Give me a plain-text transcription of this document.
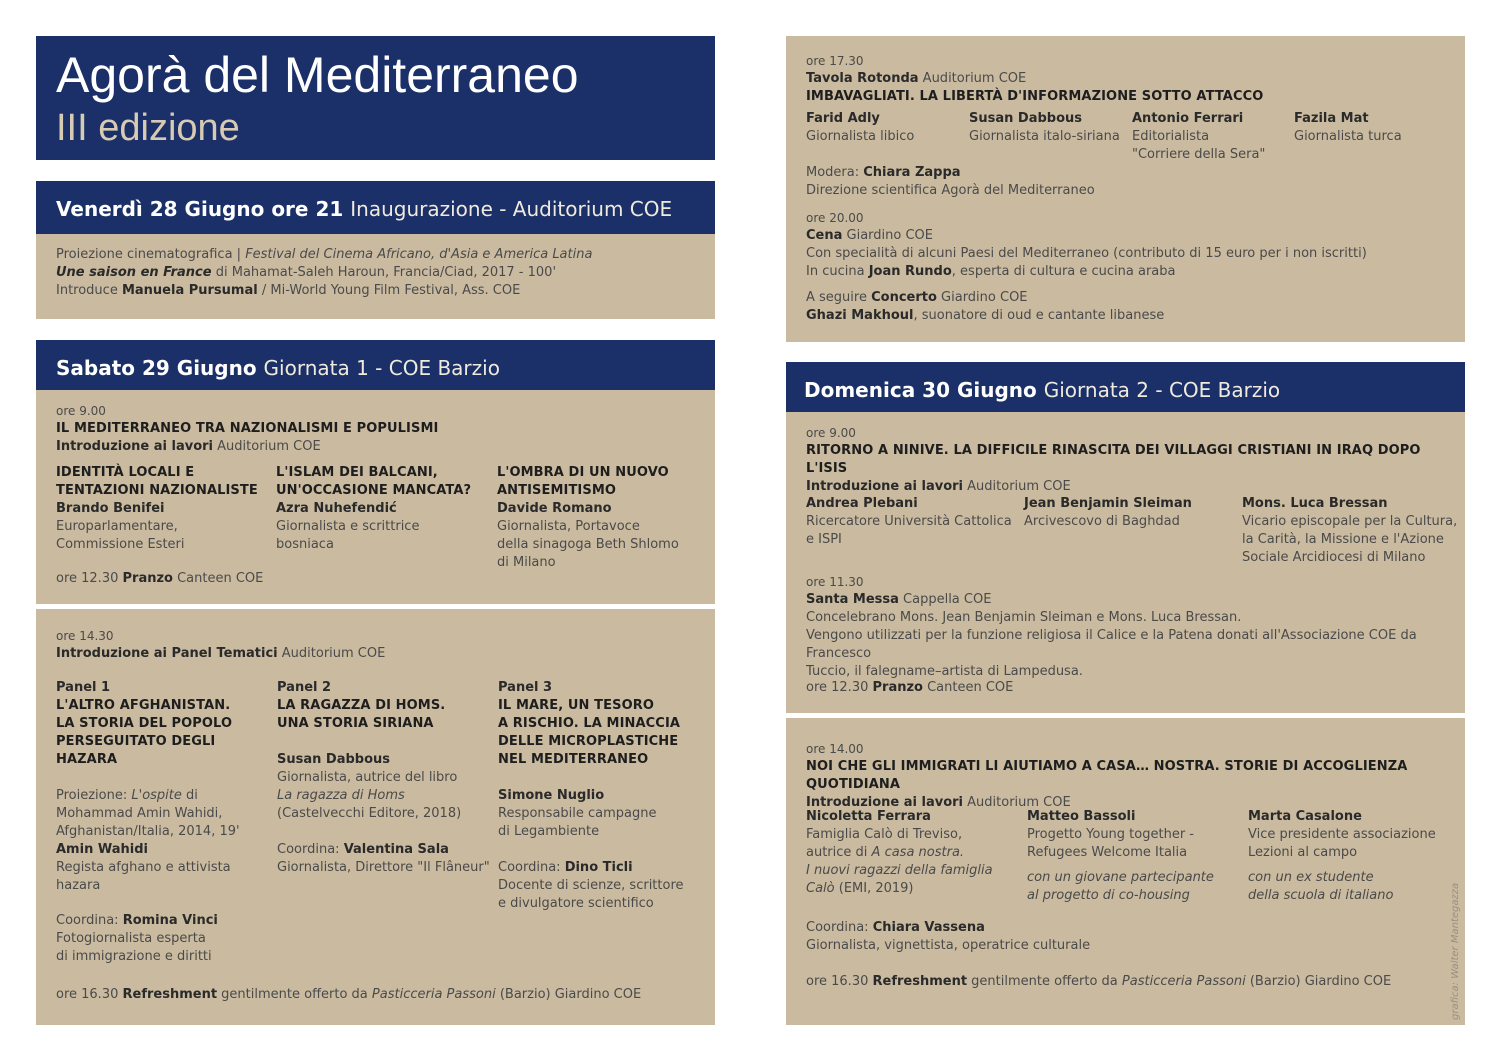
Agorà del Mediterraneo
III edizione
Venerdì 28 Giugno ore 21 Inaugurazione - Auditorium COE
Proiezione cinematografica | Festival del Cinema Africano, d'Asia e America Latina
Une saison en France di Mahamat-Saleh Haroun, Francia/Ciad, 2017 - 100'
Introduce Manuela Pursumal / Mi-World Young Film Festival, Ass. COE
Sabato 29 Giugno Giornata 1 - COE Barzio
ore 9.00
IL MEDITERRANEO TRA NAZIONALISMI E POPULISMI
Introduzione ai lavori Auditorium COE
IDENTITÀ LOCALI E
TENTAZIONI NAZIONALISTE
Brando Benifei
Europarlamentare,
Commissione Esteri
L'ISLAM DEI BALCANI,
UN'OCCASIONE MANCATA?
Azra Nuhefendić
Giornalista e scrittrice
bosniaca
L'OMBRA DI UN NUOVO
ANTISEMITISMO
Davide Romano
Giornalista, Portavoce
della sinagoga Beth Shlomo
di Milano
ore 12.30 Pranzo Canteen COE
ore 14.30
Introduzione ai Panel Tematici Auditorium COE
Panel 1
L'ALTRO AFGHANISTAN.
LA STORIA DEL POPOLO
PERSEGUITATO DEGLI
HAZARA
Proiezione: L'ospite di
Mohammad Amin Wahidi,
Afghanistan/Italia, 2014, 19'
Amin Wahidi
Regista afghano e attivista
hazara
Coordina: Romina Vinci
Fotogiornalista esperta
di immigrazione e diritti
Panel 2
LA RAGAZZA DI HOMS.
UNA STORIA SIRIANA
Susan Dabbous
Giornalista, autrice del libro
La ragazza di Homs
(Castelvecchi Editore, 2018)
Coordina: Valentina Sala
Giornalista, Direttore "Il Flâneur"
Panel 3
IL MARE, UN TESORO
A RISCHIO. LA MINACCIA
DELLE MICROPLASTICHE
NEL MEDITERRANEO
Simone Nuglio
Responsabile campagne
di Legambiente
Coordina: Dino Ticli
Docente di scienze, scrittore
e divulgatore scientifico
ore 16.30 Refreshment gentilmente offerto da Pasticceria Passoni (Barzio) Giardino COE
ore 17.30
Tavola Rotonda Auditorium COE
IMBAVAGLIATI. LA LIBERTÀ D'INFORMAZIONE SOTTO ATTACCO
Farid Adly
Giornalista libico
Susan Dabbous
Giornalista italo-siriana
Antonio Ferrari
Editorialista
"Corriere della Sera"
Fazila Mat
Giornalista turca
Modera: Chiara Zappa
Direzione scientifica Agorà del Mediterraneo
ore 20.00
Cena Giardino COE
Con specialità di alcuni Paesi del Mediterraneo (contributo di 15 euro per i non iscritti)
In cucina Joan Rundo, esperta di cultura e cucina araba
A seguire Concerto Giardino COE
Ghazi Makhoul, suonatore di oud e cantante libanese
Domenica 30 Giugno Giornata 2 - COE Barzio
ore 9.00
RITORNO A NINIVE. LA DIFFICILE RINASCITA DEI VILLAGGI CRISTIANI IN IRAQ DOPO L'ISIS
Introduzione ai lavori Auditorium COE
Andrea Plebani
Ricercatore Università Cattolica
e ISPI
Jean Benjamin Sleiman
Arcivescovo di Baghdad
Mons. Luca Bressan
Vicario episcopale per la Cultura,
la Carità, la Missione e l'Azione
Sociale Arcidiocesi di Milano
ore 11.30
Santa Messa Cappella COE
Concelebrano Mons. Jean Benjamin Sleiman e Mons. Luca Bressan.
Vengono utilizzati per la funzione religiosa il Calice e la Patena donati all'Associazione COE da Francesco
Tuccio, il falegname–artista di Lampedusa.
ore 12.30 Pranzo Canteen COE
ore 14.00
NOI CHE GLI IMMIGRATI LI AIUTIAMO A CASA… NOSTRA. STORIE DI ACCOGLIENZA QUOTIDIANA
Introduzione ai lavori Auditorium COE
Nicoletta Ferrara
Famiglia Calò di Treviso,
autrice di A casa nostra.
I nuovi ragazzi della famiglia
Calò (EMI, 2019)
Matteo Bassoli
Progetto Young together -
Refugees Welcome Italia
con un giovane partecipante
al progetto di co-housing
Marta Casalone
Vice presidente associazione
Lezioni al campo
con un ex studente
della scuola di italiano
Coordina: Chiara Vassena
Giornalista, vignettista, operatrice culturale
ore 16.30 Refreshment gentilmente offerto da Pasticceria Passoni (Barzio) Giardino COE	grafica: Walter Mantegazza
